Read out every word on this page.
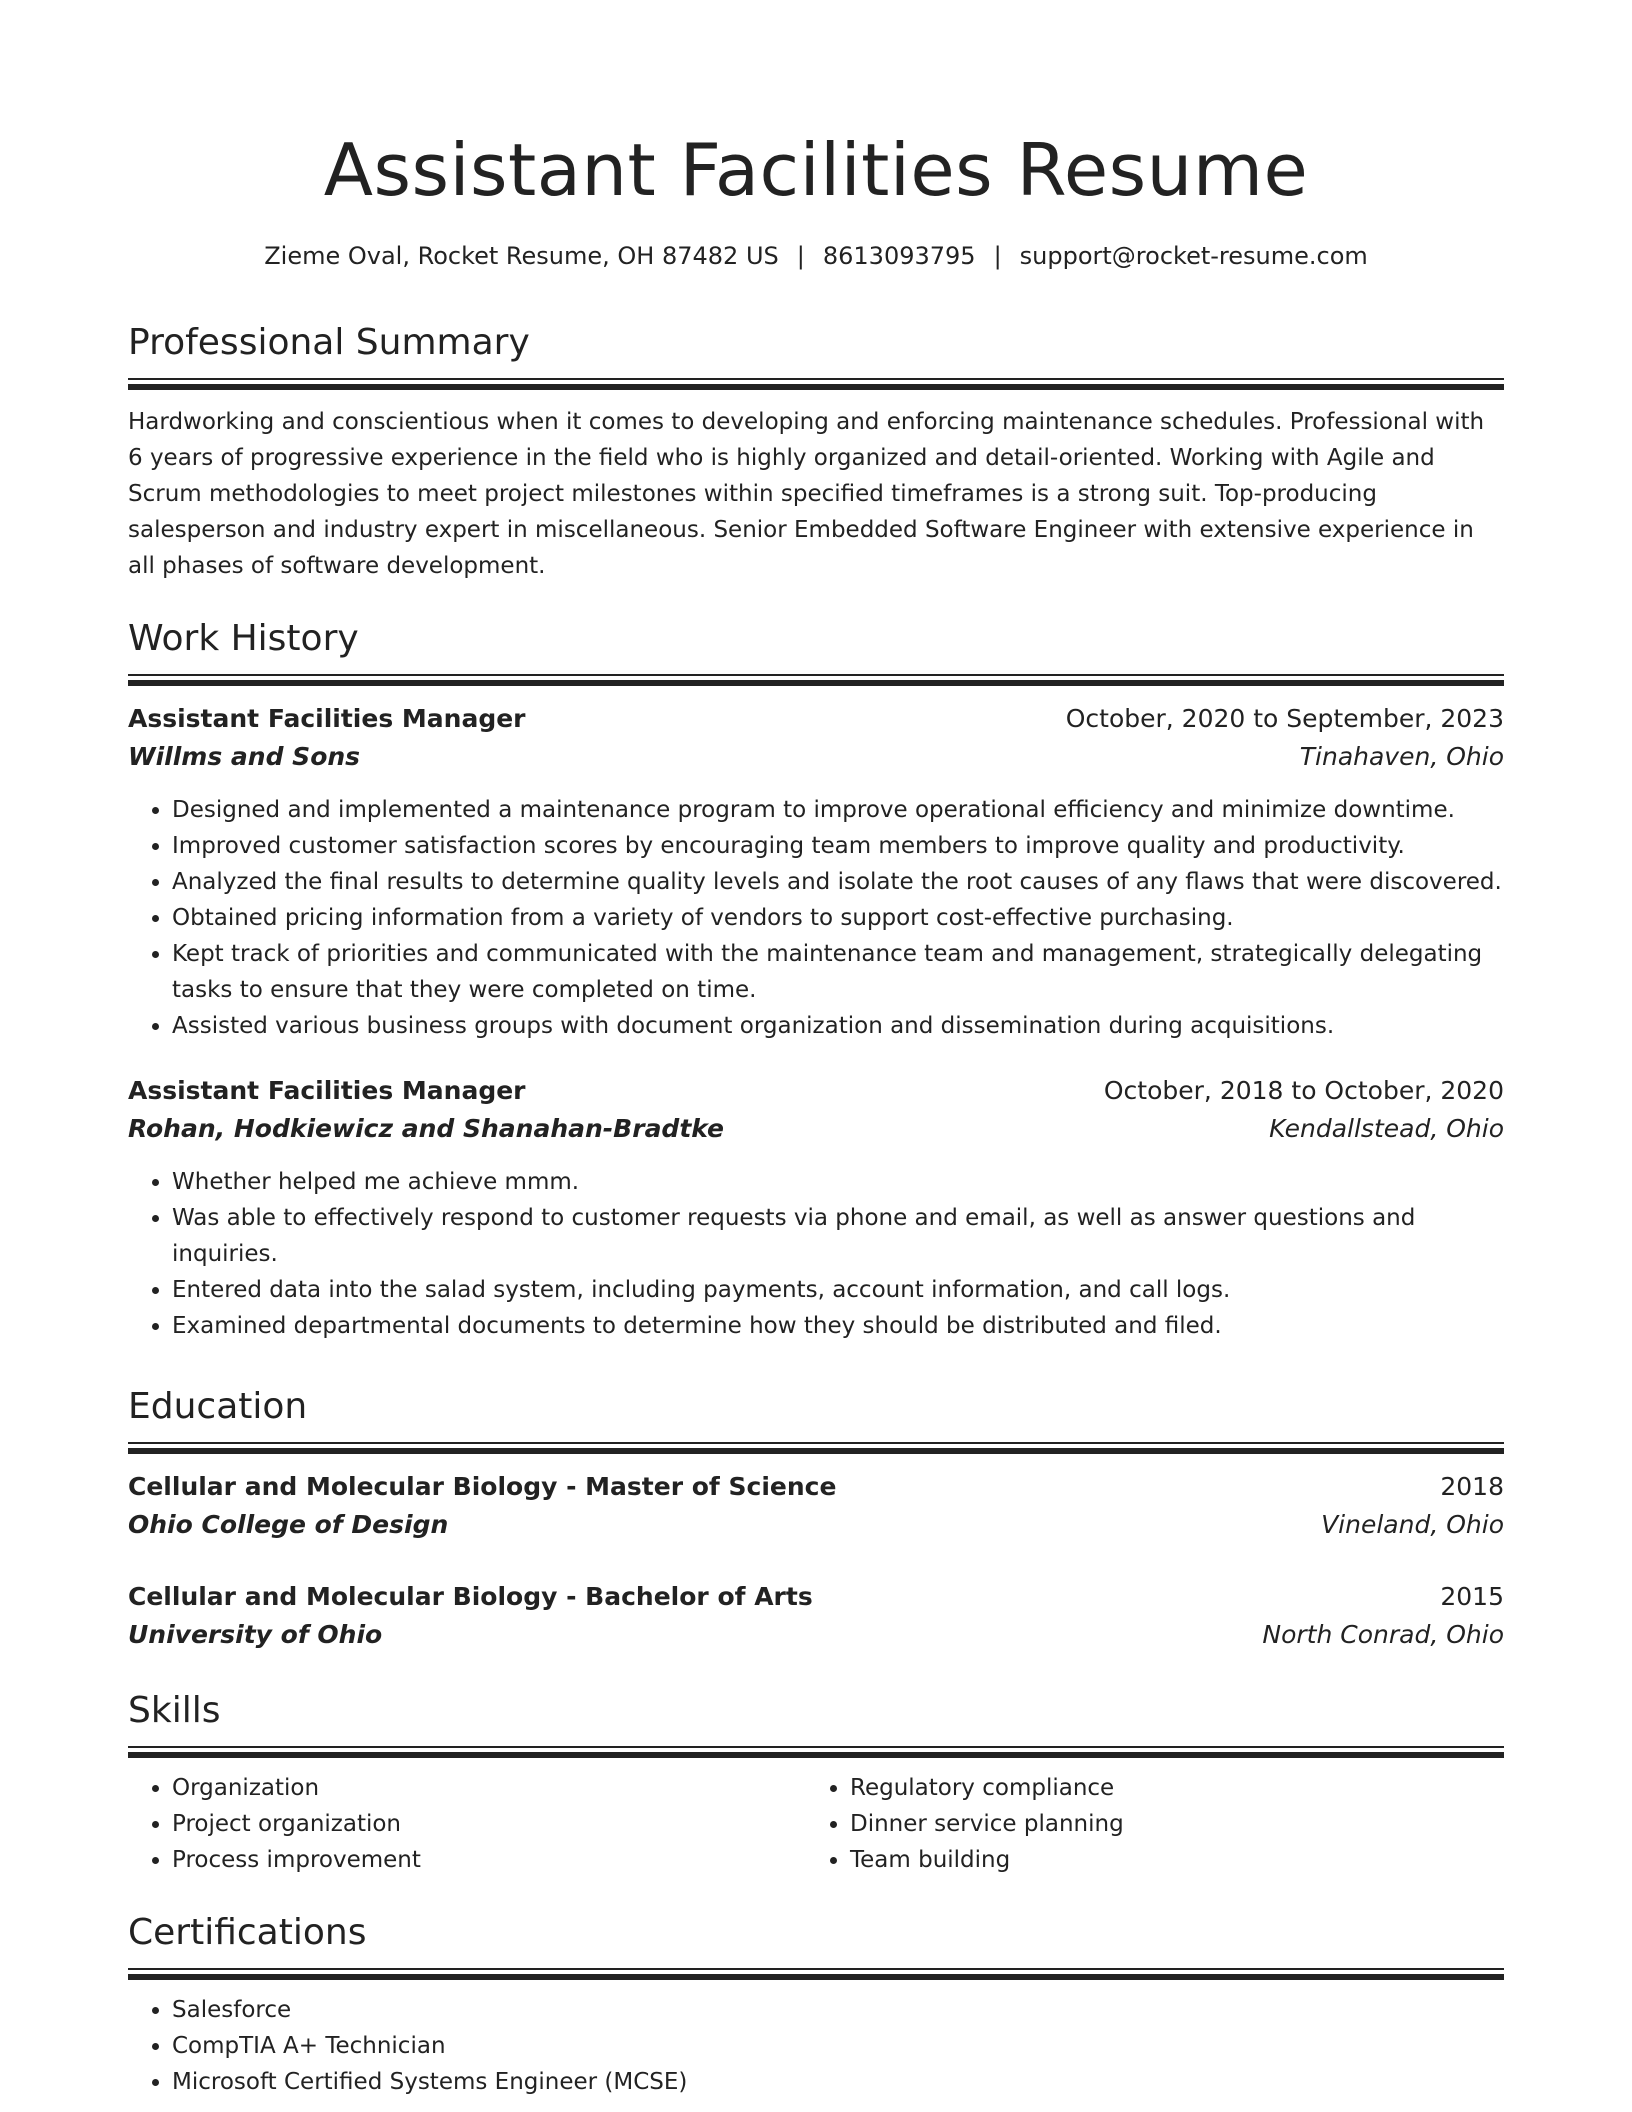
Assistant Facilities Resume
Zieme Oval, Rocket Resume, OH 87482 US | 8613093795 | support@rocket-resume.com
Professional Summary

Hardworking and conscientious when it comes to developing and enforcing maintenance schedules. Professional with 6 years of progressive experience in the field who is highly organized and detail-oriented. Working with Agile and Scrum methodologies to meet project milestones within specified timeframes is a strong suit. Top-producing salesperson and industry expert in miscellaneous. Senior Embedded Software Engineer with extensive experience in all phases of software development.

Work History
Assistant Facilities Manager	October, 2020 to September, 2023
Willms and Sons	Tinahaven, Ohio
• Designed and implemented a maintenance program to improve operational efficiency and minimize downtime.
• Improved customer satisfaction scores by encouraging team members to improve quality and productivity.
• Analyzed the final results to determine quality levels and isolate the root causes of any flaws that were discovered.
• Obtained pricing information from a variety of vendors to support cost-effective purchasing.
• Kept track of priorities and communicated with the maintenance team and management, strategically delegating tasks to ensure that they were completed on time.
• Assisted various business groups with document organization and dissemination during acquisitions.
Assistant Facilities Manager	October, 2018 to October, 2020
Rohan, Hodkiewicz and Shanahan-Bradtke	Kendallstead, Ohio
• Whether helped me achieve mmm.
• Was able to effectively respond to customer requests via phone and email, as well as answer questions and inquiries.
• Entered data into the salad system, including payments, account information, and call logs.
• Examined departmental documents to determine how they should be distributed and filed.
Education
Cellular and Molecular Biology - Master of Science	2018
Ohio College of Design	Vineland, Ohio
Cellular and Molecular Biology - Bachelor of Arts	2015
University of Ohio	North Conrad, Ohio
Skills
• Organization
• Project organization
• Process improvement
• Regulatory compliance
• Dinner service planning
• Team building
Certifications
• Salesforce
• CompTIA A+ Technician
• Microsoft Certified Systems Engineer (MCSE)
